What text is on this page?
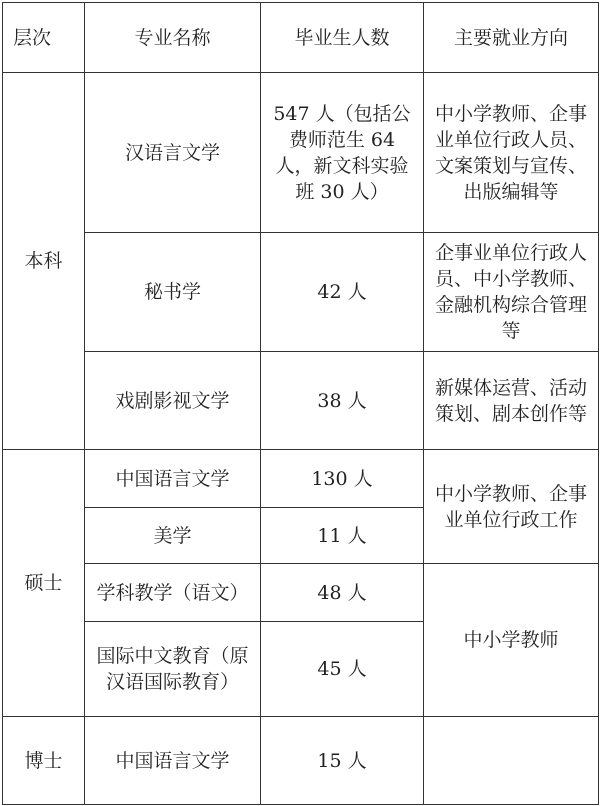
层次	专业名称	毕业生人数	主要就业方向
本科	汉语言文学	547 人（包括公费师范生 64 人，新文科实验班 30 人）	中小学教师、企事业单位行政人员、文案策划与宣传、出版编辑等
	秘书学	42 人	企事业单位行政人员、中小学教师、金融机构综合管理等
	戏剧影视文学	38 人	新媒体运营、活动策划、剧本创作等
硕士	中国语言文学	130 人	中小学教师、企事业单位行政工作
	美学	11 人	
	学科教学（语文）	48 人	中小学教师
	国际中文教育（原汉语国际教育）	45 人	
博士	中国语言文学	15 人	
